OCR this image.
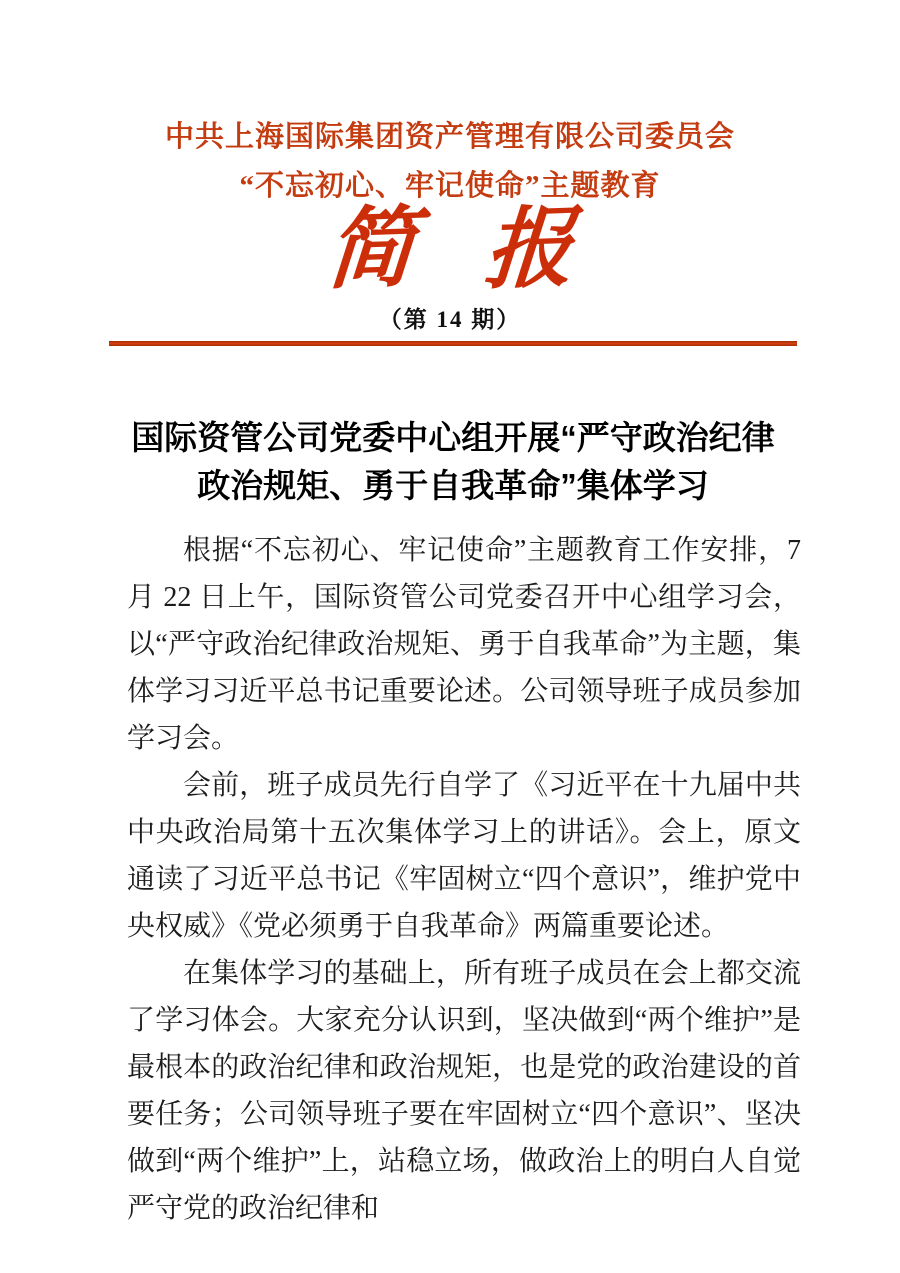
中共上海国际集团资产管理有限公司委员会
“不忘初心、牢记使命”主题教育
简 报
（第 14 期）
国际资管公司党委中心组开展“严守政治纪律
政治规矩、勇于自我革命”集体学习

根据“不忘初心、牢记使命”主题教育工作安排，7 月 22 日上午，国际资管公司党委召开中心组学习会，以“严守政治纪律政治规矩、勇于自我革命”为主题，集体学习习近平总书记重要论述。公司领导班子成员参加学习会。

会前，班子成员先行自学了《习近平在十九届中共中央政治局第十五次集体学习上的讲话》。会上，原文通读了习近平总书记《牢固树立“四个意识”，维护党中央权威》《党必须勇于自我革命》两篇重要论述。

在集体学习的基础上，所有班子成员在会上都交流了学习体会。大家充分认识到，坚决做到“两个维护”是最根本的政治纪律和政治规矩，也是党的政治建设的首要任务；公司领导班子要在牢固树立“四个意识”、坚决做到“两个维护”上，站稳立场，做政治上的明白人自觉严守党的政治纪律和
